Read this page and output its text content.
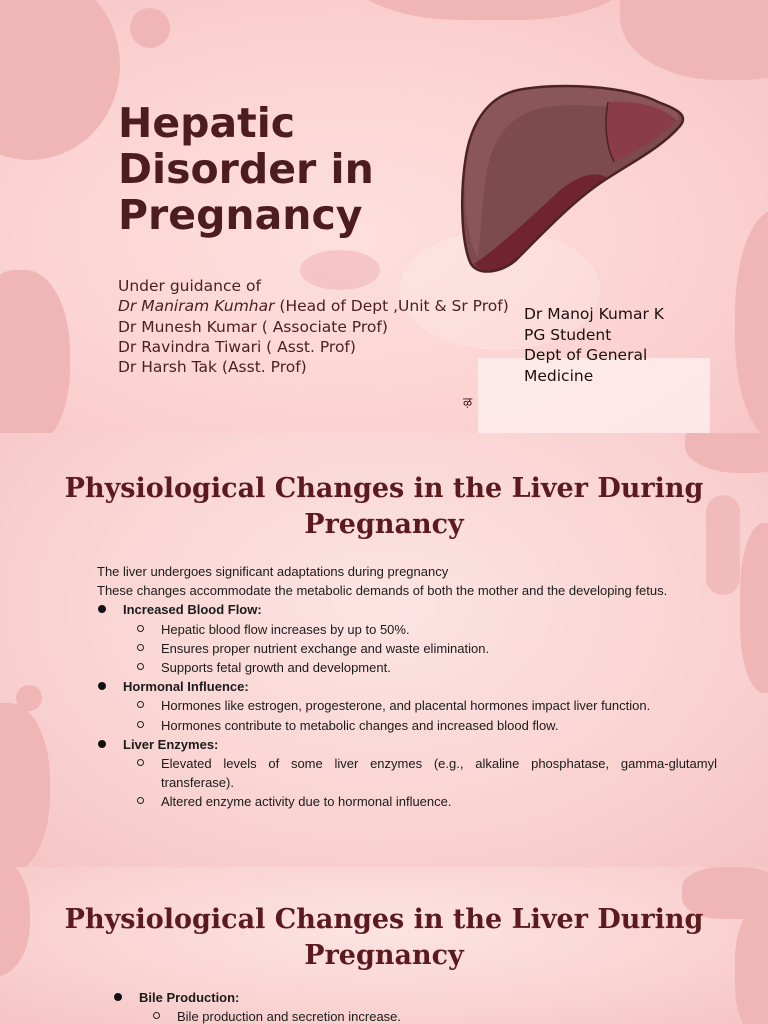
Hepatic
Disorder in
Pregnancy
Under guidance of
Dr Maniram Kumhar (Head of Dept ,Unit & Sr Prof)
Dr Munesh Kumar ( Associate Prof)
Dr Ravindra Tiwari ( Asst. Prof)
Dr Harsh Tak (Asst. Prof)
Dr Manoj Kumar K
PG Student
Dept of General
Medicine
ऴ
Physiological Changes in the Liver During Pregnancy

The liver undergoes significant adaptations during pregnancy

These changes accommodate the metabolic demands of both the mother and the developing fetus.

Increased Blood Flow:

Hepatic blood flow increases by up to 50%.

Ensures proper nutrient exchange and waste elimination.

Supports fetal growth and development.

Hormonal Influence:

Hormones like estrogen, progesterone, and placental hormones impact liver function.

Hormones contribute to metabolic changes and increased blood flow.

Liver Enzymes:

Elevated levels of some liver enzymes (e.g., alkaline phosphatase, gamma-glutamyl transferase).

Altered enzyme activity due to hormonal influence.

Physiological Changes in the Liver During Pregnancy

Bile Production:

Bile production and secretion increase.
